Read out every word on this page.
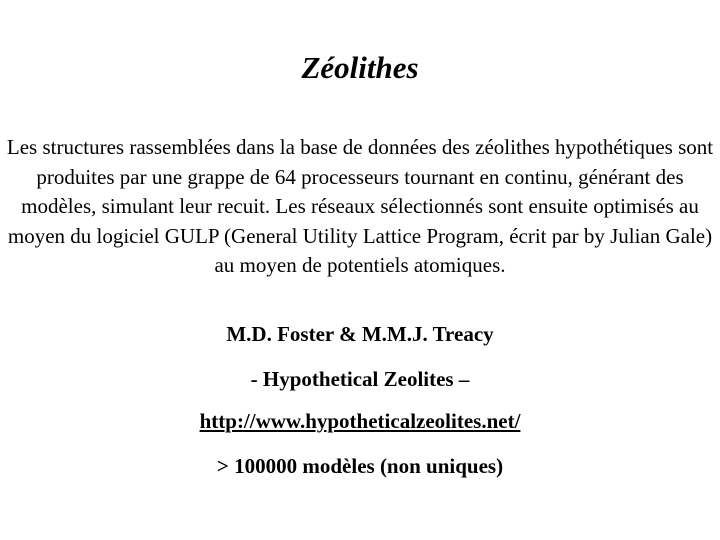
Zéolithes

Les structures rassemblées dans la base de données des zéolithes hypothétiques sont produites par une grappe de 64 processeurs tournant en continu, générant des modèles, simulant leur recuit. Les réseaux sélectionnés sont ensuite optimisés au moyen du logiciel GULP (General Utility Lattice Program, écrit par by Julian Gale) au moyen de potentiels atomiques.

M.D. Foster & M.M.J. Treacy

- Hypothetical Zeolites –

http://www.hypotheticalzeolites.net/

> 100000 modèles (non uniques)
